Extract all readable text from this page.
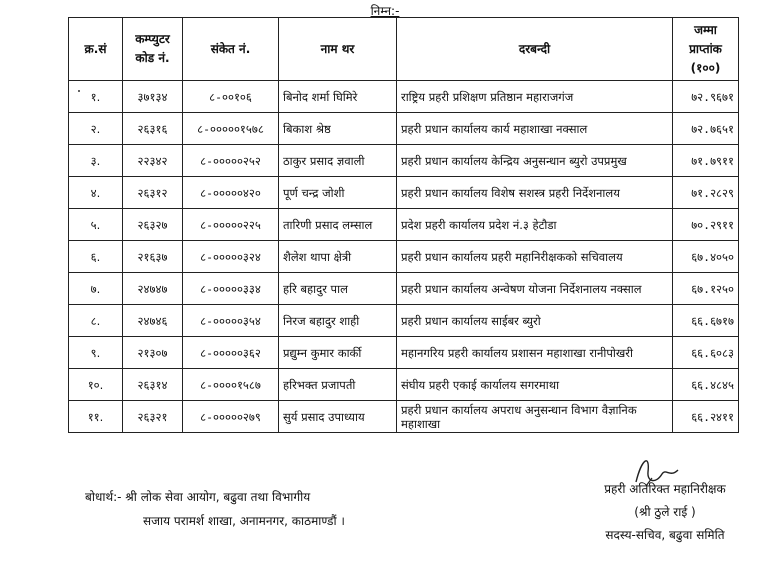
निम्न:-
क्र.सं	कम्प्युटर कोड नं.	संकेत नं.	नाम थर	दरबन्दी	जम्मा प्राप्तांक
(१००)

१.	३७१३४	८-००१०६	बिनोद शर्मा घिमिरे	राष्ट्रिय प्रहरी प्रशिक्षण प्रतिष्ठान महाराजगंज	७२.९६७१
२.	२६३१६	८-०००००१५७८	बिकाश श्रेष्ठ	प्रहरी प्रधान कार्यालय कार्य महाशाखा नक्साल	७२.७६५१
३.	२२३४२	८-०००००२५२	ठाकुर प्रसाद ज्ञवाली	प्रहरी प्रधान कार्यालय केन्द्रिय अनुसन्धान ब्युरो उपप्रमुख	७१.७९११
४.	२६३१२	८-०००००४२०	पूर्ण चन्द्र जोशी	प्रहरी प्रधान कार्यालय विशेष सशस्त्र प्रहरी निर्देशनालय	७१.२८२९
५.	२६३२७	८-०००००२२५	तारिणी प्रसाद लम्साल	प्रदेश प्रहरी कार्यालय प्रदेश नं.३ हेटौडा	७०.२९११
६.	२१६३७	८-०००००३२४	शैलेश थापा क्षेत्री	प्रहरी प्रधान कार्यालय प्रहरी महानिरीक्षकको सचिवालय	६७.४०५०
७.	२४७४७	८-०००००३३४	हरि बहादुर पाल	प्रहरी प्रधान कार्यालय अन्वेषण योजना निर्देशनालय नक्साल	६७.१२५०
८.	२४७४६	८-०००००३५४	निरज बहादुर शाही	प्रहरी प्रधान कार्यालय साईबर ब्युरो	६६.६७१७
९.	२१३०७	८-०००००३६२	प्रद्युम्न कुमार कार्की	महानगरिय प्रहरी कार्यालय प्रशासन महाशाखा रानीपोखरी	६६.६०८३
१०.	२६३१४	८-००००१५८७	हरिभक्त प्रजापती	संघीय प्रहरी एकाई कार्यालय सगरमाथा	६६.४८४५
११.	२६३२१	८-०००००२७९	सुर्य प्रसाद उपाध्याय	प्रहरी प्रधान कार्यालय अपराध अनुसन्धान विभाग वैज्ञानिक महाशाखा	६६.२४११
बोधार्थ:- श्री लोक सेवा आयोग, बढुवा तथा विभागीय
सजाय परामर्श शाखा, अनामनगर, काठमाण्डौं ।
प्रहरी अतिरिक्त महानिरीक्षक
(श्री ठुले राई )
सदस्य-सचिव, बढुवा समिति
